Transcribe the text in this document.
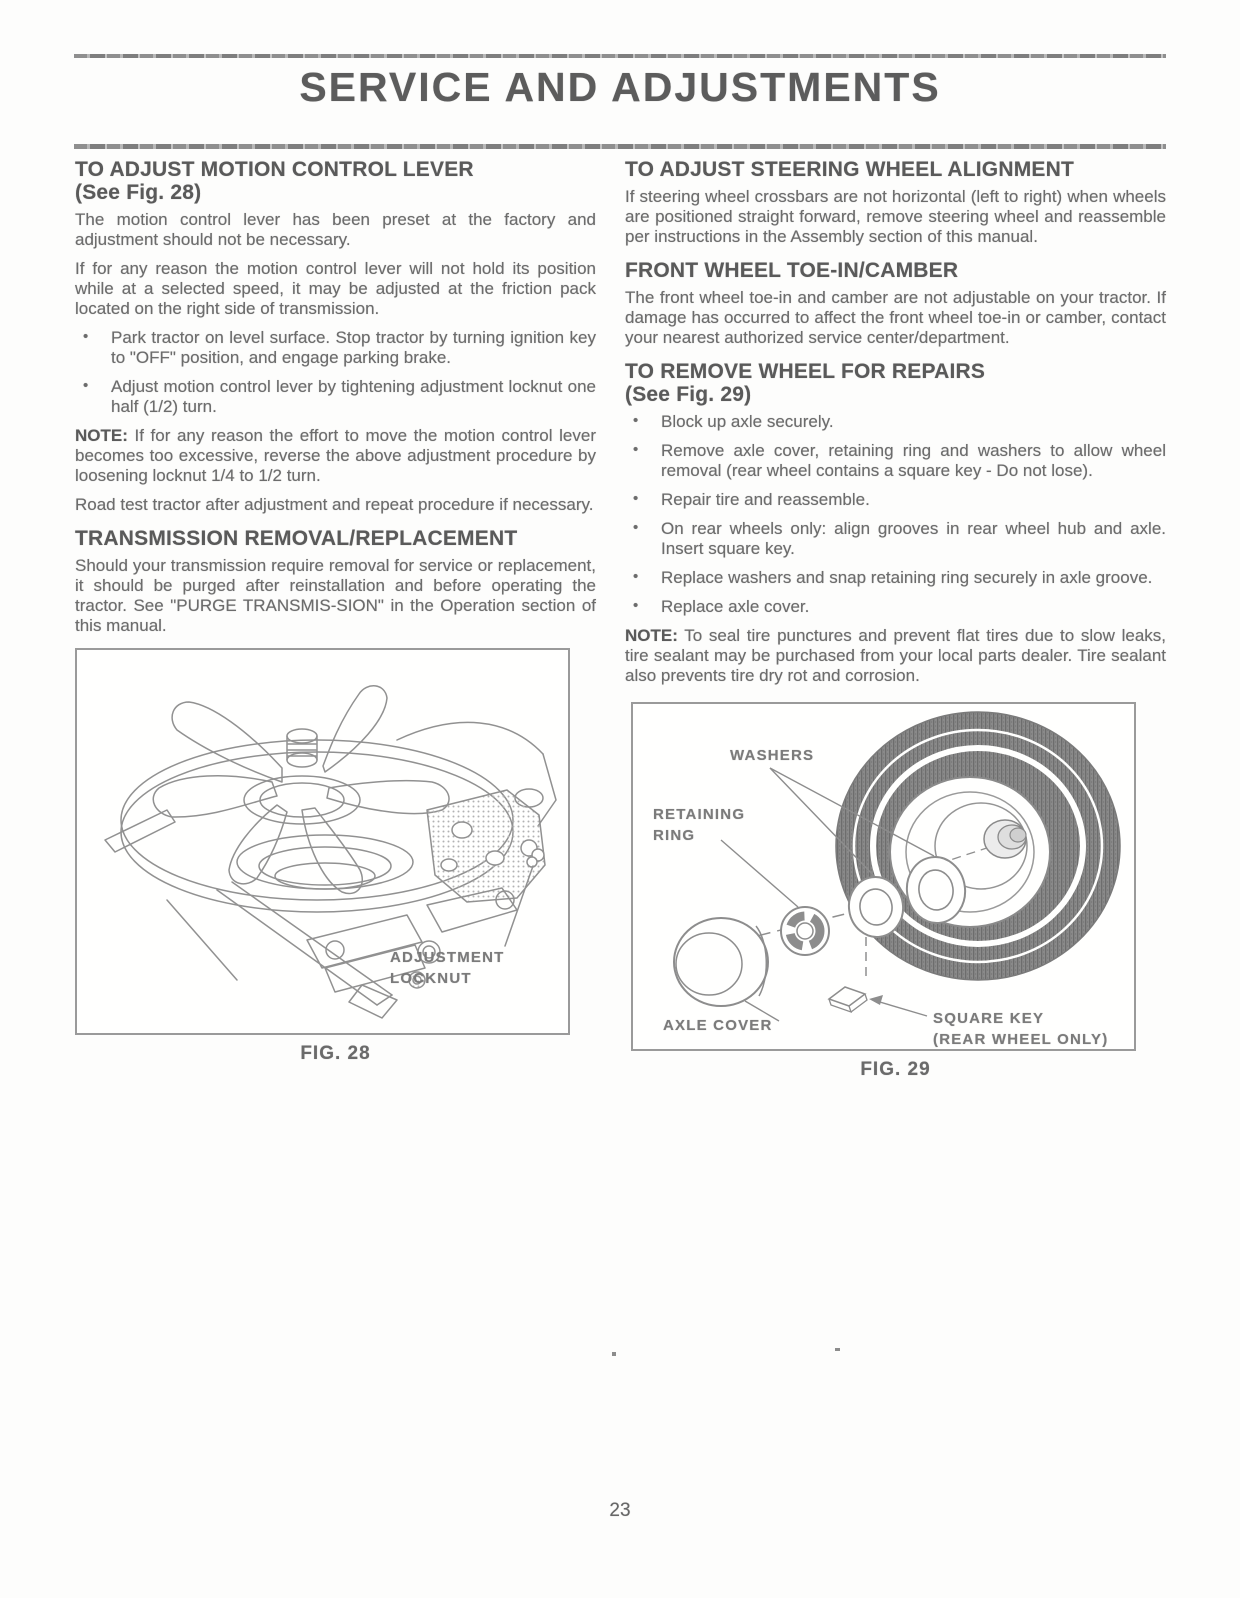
SERVICE AND ADJUSTMENTS
TO ADJUST MOTION CONTROL LEVER
(See Fig. 28)

The motion control lever has been preset at the factory and adjustment should not be necessary.

If for any reason the motion control lever will not hold its position while at a selected speed, it may be adjusted at the friction pack located on the right side of transmission.

• Park tractor on level surface. Stop tractor by turning ignition key to "OFF" position, and engage parking brake.
• Adjust motion control lever by tightening adjustment locknut one half (1/2) turn.

NOTE: If for any reason the effort to move the motion control lever becomes too excessive, reverse the above adjustment procedure by loosening locknut 1/4 to 1/2 turn.

Road test tractor after adjustment and repeat procedure if necessary.

TRANSMISSION REMOVAL/REPLACEMENT

Should your transmission require removal for service or replacement, it should be purged after reinstallation and before operating the tractor. See "PURGE TRANSMIS-SION" in the Operation section of this manual.

ADJUSTMENT
LOCKNUT
FIG. 28
TO ADJUST STEERING WHEEL ALIGNMENT

If steering wheel crossbars are not horizontal (left to right) when wheels are positioned straight forward, remove steering wheel and reassemble per instructions in the Assembly section of this manual.

FRONT WHEEL TOE-IN/CAMBER

The front wheel toe-in and camber are not adjustable on your tractor. If damage has occurred to affect the front wheel toe-in or camber, contact your nearest authorized service center/department.

TO REMOVE WHEEL FOR REPAIRS
(See Fig. 29)
• Block up axle securely.
• Remove axle cover, retaining ring and washers to allow wheel removal (rear wheel contains a square key - Do not lose).
• Repair tire and reassemble.
• On rear wheels only: align grooves in rear wheel hub and axle. Insert square key.
• Replace washers and snap retaining ring securely in axle groove.
• Replace axle cover.

NOTE: To seal tire punctures and prevent flat tires due to slow leaks, tire sealant may be purchased from your local parts dealer. Tire sealant also prevents tire dry rot and corrosion.

WASHERS
RETAINING
RING
AXLE COVER	SQUARE KEY
(REAR WHEEL ONLY)
FIG. 29
23
